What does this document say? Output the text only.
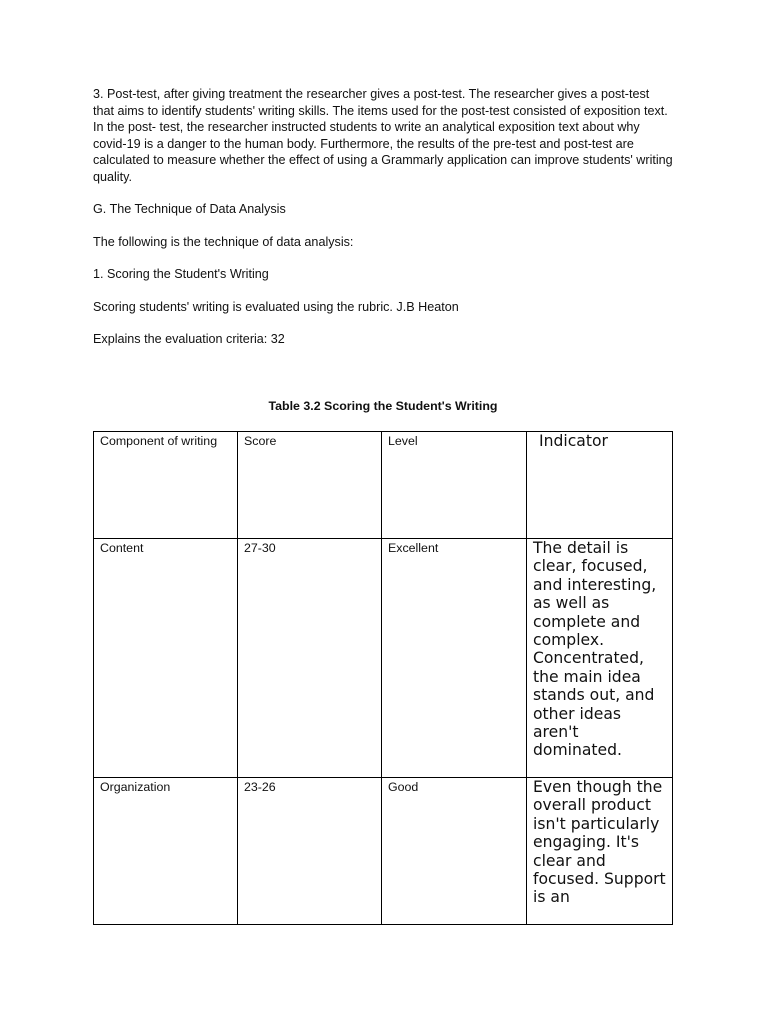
3. Post-test, after giving treatment the researcher gives a post-test. The researcher gives a post-test that aims to identify students' writing skills. The items used for the post-test consisted of exposition text. In the post- test, the researcher instructed students to write an analytical exposition text about why covid-19 is a danger to the human body. Furthermore, the results of the pre-test and post-test are calculated to measure whether the effect of using a Grammarly application can improve students' writing quality.

G. The Technique of Data Analysis

The following is the technique of data analysis:

1. Scoring the Student's Writing

Scoring students' writing is evaluated using the rubric. J.B Heaton

Explains the evaluation criteria: 32

Table 3.2 Scoring the Student's Writing
Component of writing	Score	Level	Indicator

Content	27-30	Excellent	The detail is clear, focused, and interesting, as well as complete and complex. Concentrated, the main idea stands out, and other ideas aren't dominated.

Organization	23-26	Good	Even though the overall product isn't particularly engaging. It's clear and focused. Support is an
